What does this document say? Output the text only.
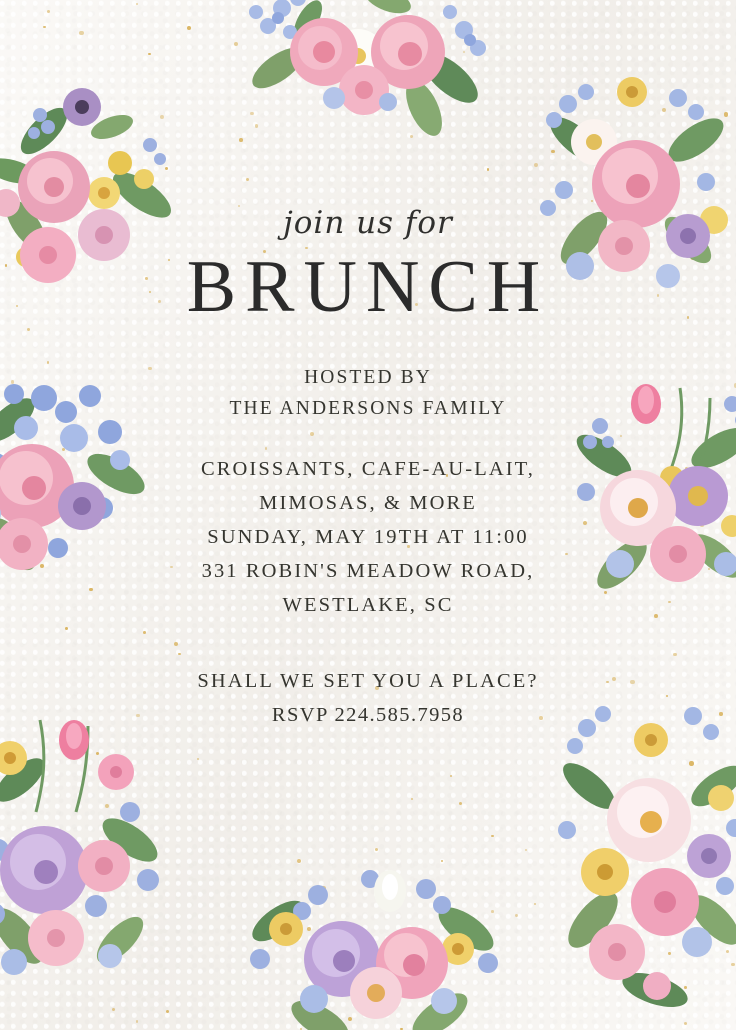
join us for
BRUNCH
HOSTED BY
THE ANDERSONS FAMILY
CROISSANTS, CAFE-AU-LAIT,
MIMOSAS, & MORE
SUNDAY, MAY 19TH AT 11:00
331 ROBIN'S MEADOW ROAD,
WESTLAKE, SC
SHALL WE SET YOU A PLACE?
RSVP 224.585.7958
